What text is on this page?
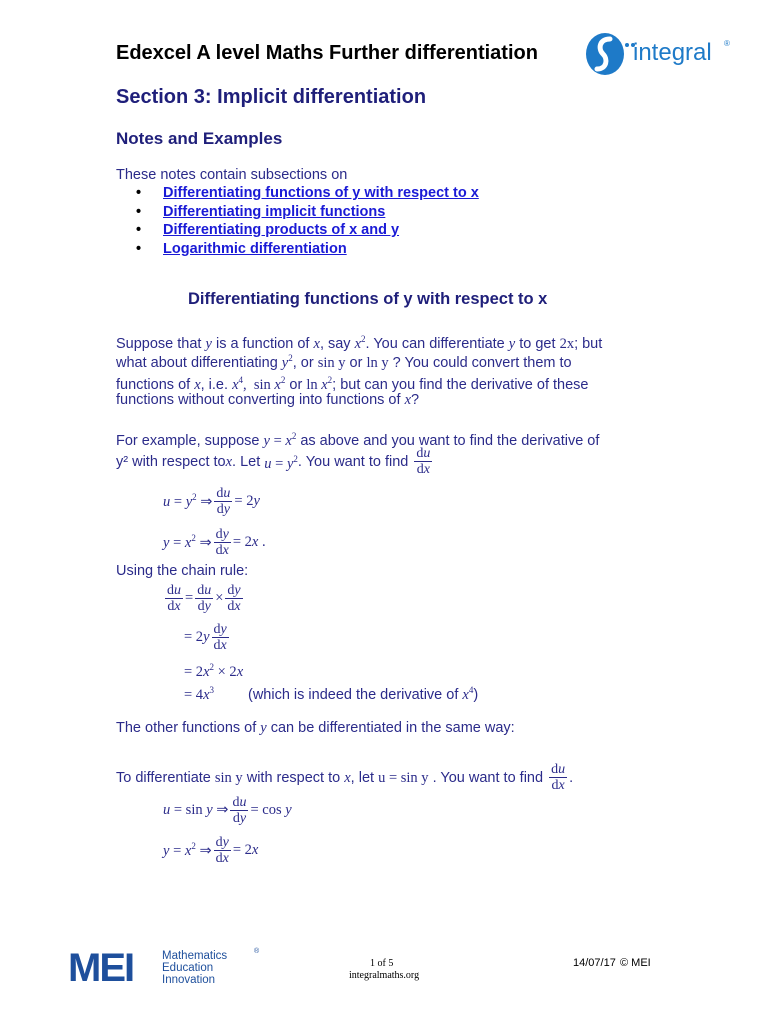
Edexcel A level Maths Further differentiation	integral ®
Section 3: Implicit differentiation
Notes and Examples
These notes contain subsections on
• Differentiating functions of y with respect to x
• Differentiating implicit functions
• Differentiating products of x and y
• Logarithmic differentiation
Differentiating functions of y with respect to x
Suppose that y is a function of x, say $x^2$. You can differentiate y to get 2x; but
what about differentiating $y^2$, or sin y or ln y ? You could convert them to
functions of x, i.e. $x^4$,  $\sin x^2$ or $\ln x^2$; but can you find the derivative of these
functions without converting into functions of x?
For example, suppose $y = x^2$ as above and you want to find the derivative of
y² with respect to x . Let $u = y^2$ . You want to find $\frac{du}{dx}$
$u = y^2$ ⇒ $\frac{du}{dy} = 2y$
$y = x^2$ ⇒ $\frac{dy}{dx} = 2x$ .
Using the chain rule:
$\frac{du}{dx} = \frac{du}{dy} \times \frac{dy}{dx}$
= $2y \frac{dy}{dx}$
= $2x^2 \times 2x$
= $4x^3$ (which is indeed the derivative of $x^4$)
The other functions of y can be differentiated in the same way:
To differentiate sin y with respect to x , let u = sin y . You want to find $\frac{du}{dx}$ .
u = sin y ⇒ $\frac{du}{dy} = \cos y$
$y = x^2$ ⇒ $\frac{dy}{dx} = 2x$
MEI	Mathematics	®
Education
Innovation
1 of 5
integralmaths.org
14/07/17 © MEI
